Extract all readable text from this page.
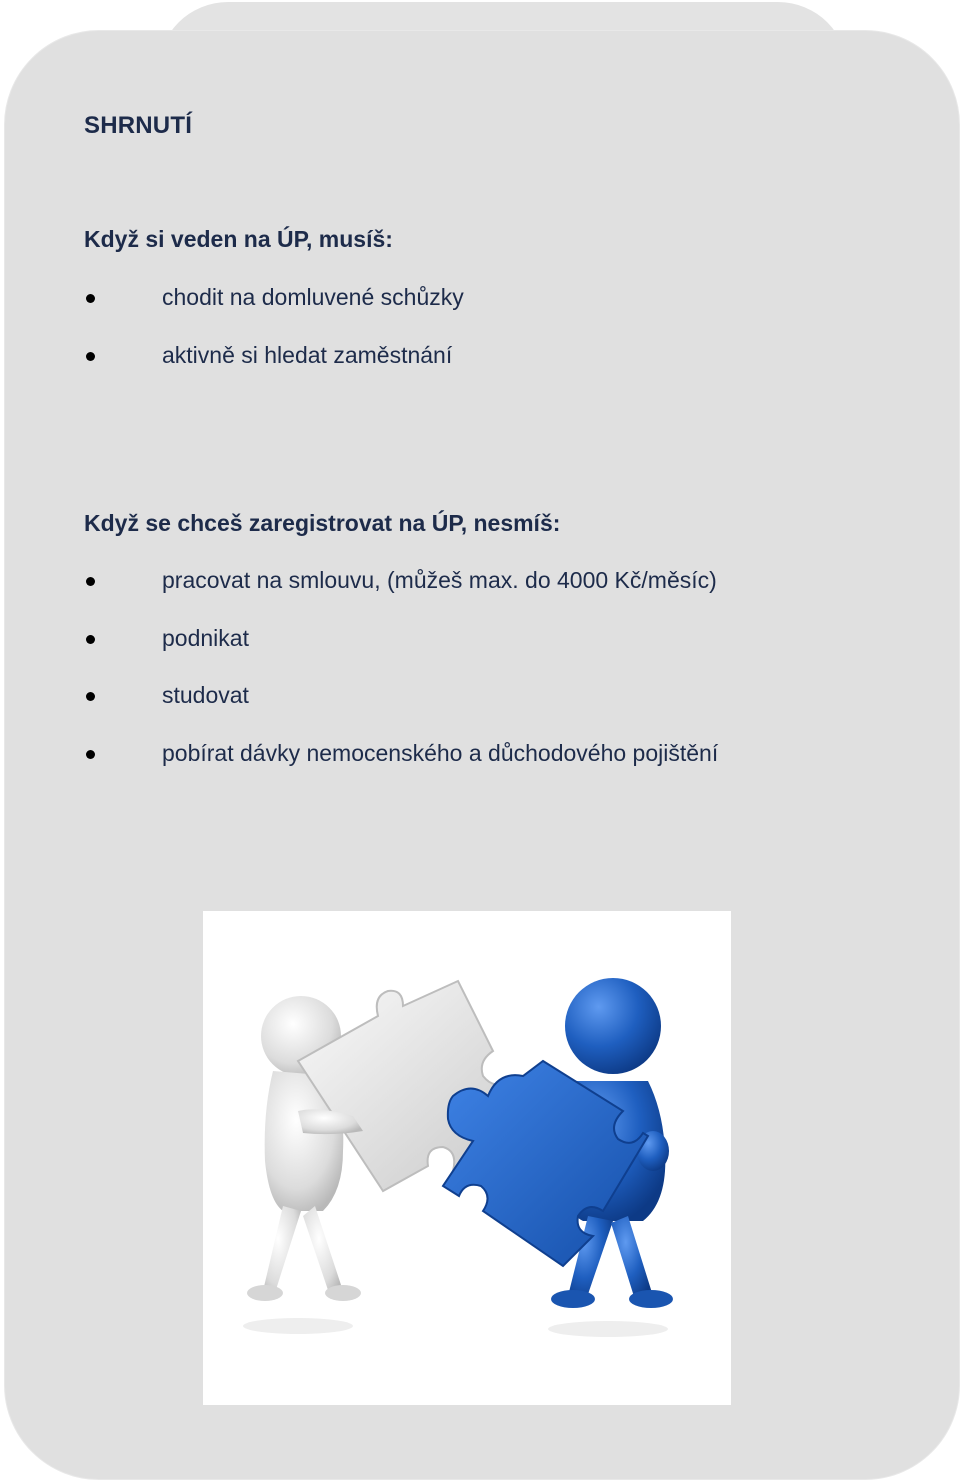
SHRNUTÍ
Když si veden na ÚP, musíš:
chodit na domluvené schůzky
aktivně si hledat zaměstnání
Když se chceš zaregistrovat na ÚP, nesmíš:
pracovat na smlouvu, (můžeš max. do 4000 Kč/měsíc)
podnikat
studovat
pobírat dávky nemocenského a důchodového pojištění
